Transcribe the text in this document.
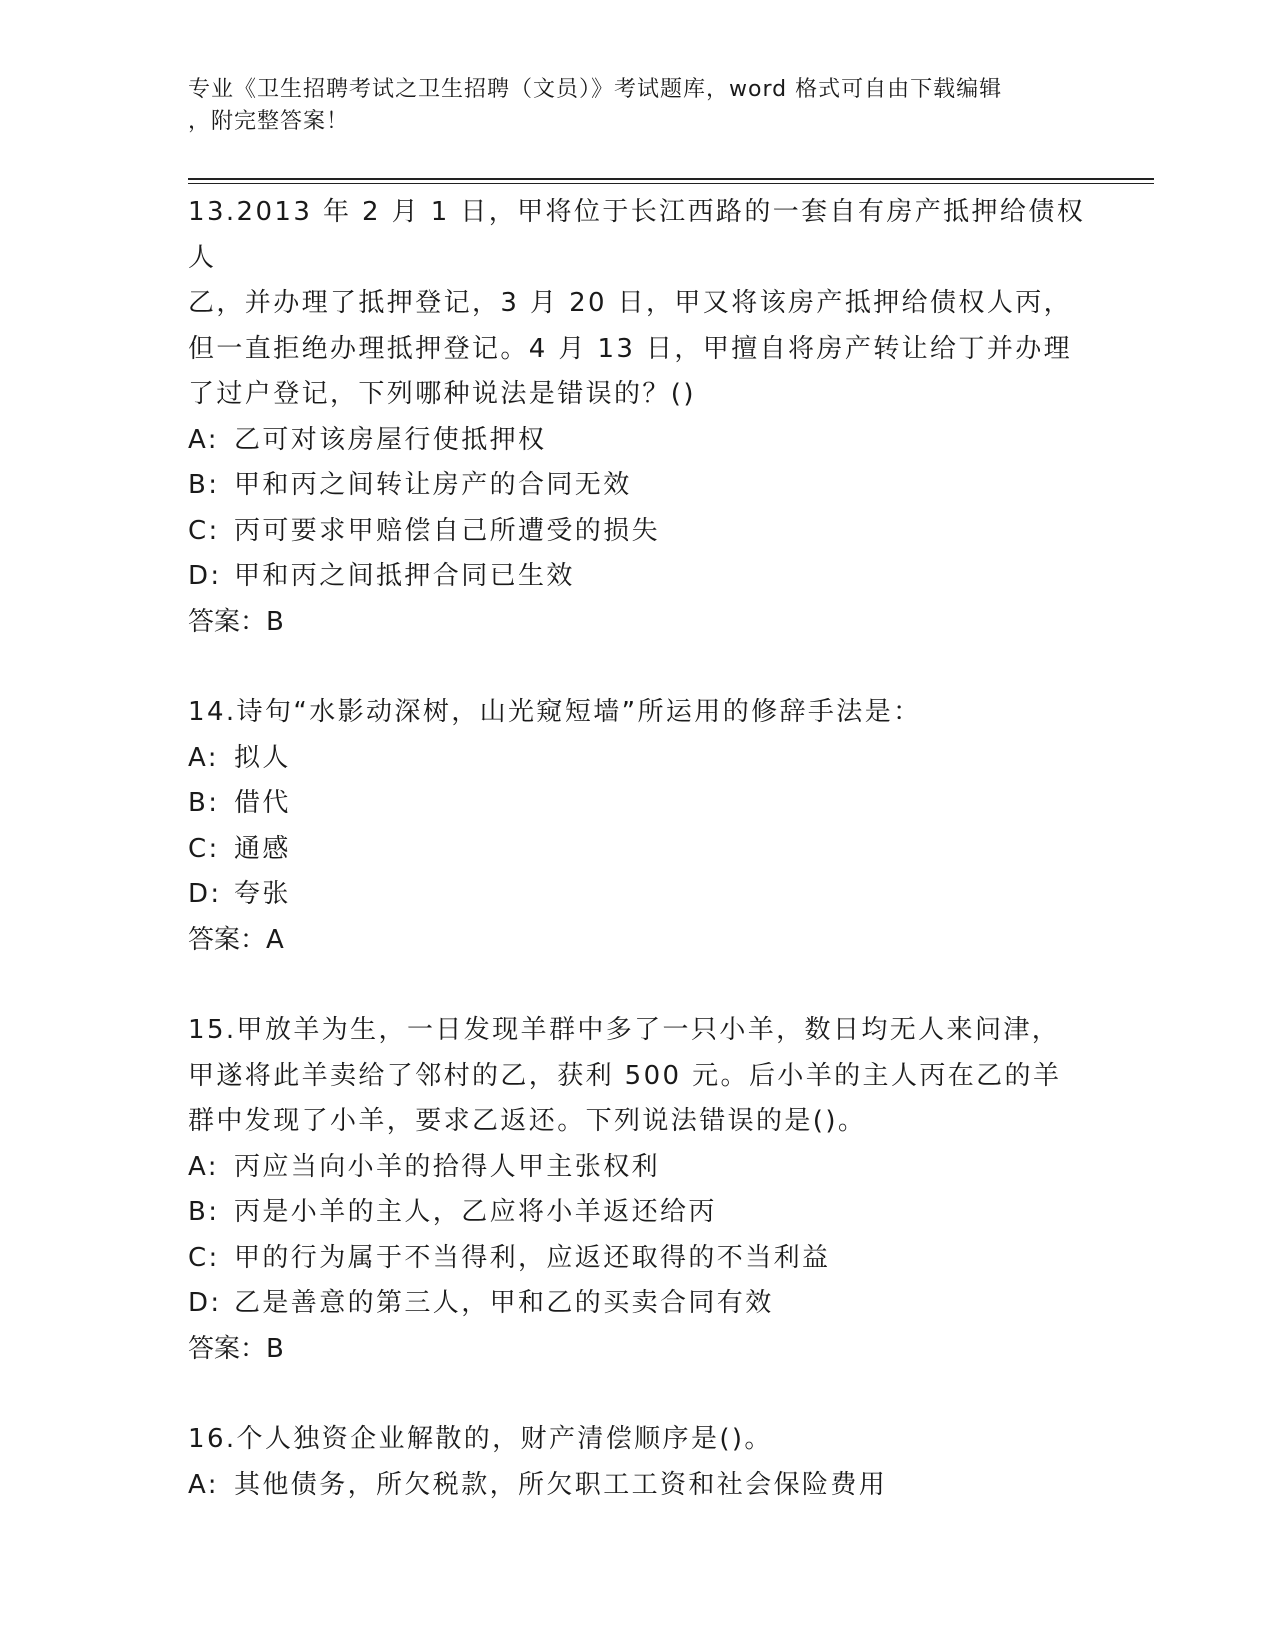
专业《卫生招聘考试之卫生招聘（文员）》考试题库，word 格式可自由下载编辑
，附完整答案！

13.2013 年 2 月 1 日，甲将位于长江西路的一套自有房产抵押给债权人

乙，并办理了抵押登记，3 月 20 日，甲又将该房产抵押给债权人丙，

但一直拒绝办理抵押登记。4 月 13 日，甲擅自将房产转让给丁并办理

了过户登记，下列哪种说法是错误的？()

A: 乙可对该房屋行使抵押权
B: 甲和丙之间转让房产的合同无效
C: 丙可要求甲赔偿自己所遭受的损失
D: 甲和丙之间抵押合同已生效

答案：B

14.诗句“水影动深树，山光窥短墙”所运用的修辞手法是：

A: 拟人
B: 借代
C: 通感
D: 夸张

答案：A

15.甲放羊为生，一日发现羊群中多了一只小羊，数日均无人来问津，

甲遂将此羊卖给了邻村的乙，获利 500 元。后小羊的主人丙在乙的羊

群中发现了小羊，要求乙返还。下列说法错误的是()。

A: 丙应当向小羊的拾得人甲主张权利
B: 丙是小羊的主人，乙应将小羊返还给丙
C: 甲的行为属于不当得利，应返还取得的不当利益
D: 乙是善意的第三人，甲和乙的买卖合同有效

答案：B

16.个人独资企业解散的，财产清偿顺序是()。

A: 其他债务，所欠税款，所欠职工工资和社会保险费用
